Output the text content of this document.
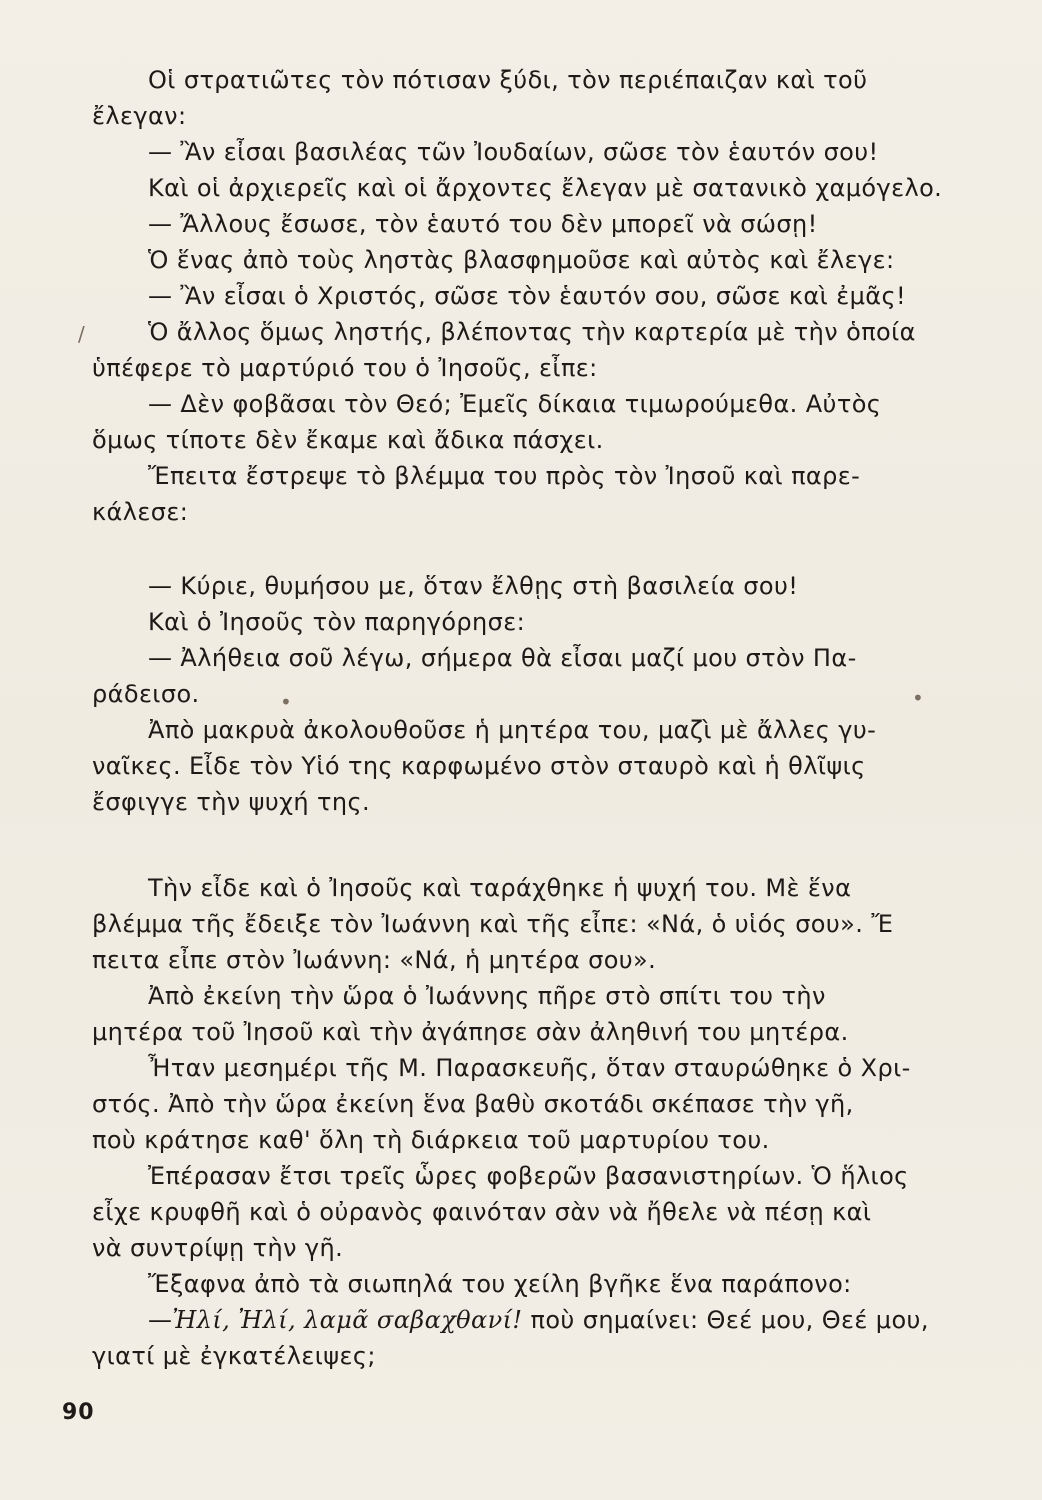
Οἱ στρατιῶτες τὸν πότισαν ξύδι, τὸν περιέπαιζαν καὶ τοῦ

ἔλεγαν:

— Ἂν εἶσαι βασιλέας τῶν Ἰουδαίων, σῶσε τὸν ἑαυτόν σου!

Καὶ οἱ ἀρχιερεῖς καὶ οἱ ἄρχοντες ἔλεγαν μὲ σατανικὸ χαμόγελο.

— Ἄλλους ἔσωσε, τὸν ἑαυτό του δὲν μπορεῖ νὰ σώσῃ!

Ὁ ἕνας ἀπὸ τοὺς ληστὰς βλασφημοῦσε καὶ αὐτὸς καὶ ἔλεγε:

— Ἂν εἶσαι ὁ Χριστός, σῶσε τὸν ἑαυτόν σου, σῶσε καὶ ἐμᾶς!

Ὁ ἄλλος ὅμως ληστής, βλέποντας τὴν καρτερία μὲ τὴν ὁποία

ὑπέφερε τὸ μαρτύριό του ὁ Ἰησοῦς, εἶπε:

— Δὲν φοβᾶσαι τὸν Θεό; Ἐμεῖς δίκαια τιμωρούμεθα. Αὐτὸς

ὅμως τίποτε δὲν ἔκαμε καὶ ἄδικα πάσχει.

Ἔπειτα ἔστρεψε τὸ βλέμμα του πρὸς τὸν Ἰησοῦ καὶ παρε-

κάλεσε:

— Κύριε, θυμήσου με, ὅταν ἔλθῃς στὴ βασιλεία σου!

Καὶ ὁ Ἰησοῦς τὸν παρηγόρησε:

— Ἀλήθεια σοῦ λέγω, σήμερα θὰ εἶσαι μαζί μου στὸν Πα-

ράδεισο.

Ἀπὸ μακρυὰ ἀκολουθοῦσε ἡ μητέρα του, μαζὶ μὲ ἄλλες γυ-

ναῖκες. Εἶδε τὸν Υἱό της καρφωμένο στὸν σταυρὸ καὶ ἡ θλῖψις

ἔσφιγγε τὴν ψυχή της.

Τὴν εἶδε καὶ ὁ Ἰησοῦς καὶ ταράχθηκε ἡ ψυχή του. Μὲ ἕνα

βλέμμα τῆς ἔδειξε τὸν Ἰωάννη καὶ τῆς εἶπε: «Νά, ὁ υἱός σου». Ἔ

πειτα εἶπε στὸν Ἰωάννη: «Νά, ἡ μητέρα σου».

Ἀπὸ ἐκείνη τὴν ὥρα ὁ Ἰωάννης πῆρε στὸ σπίτι του τὴν

μητέρα τοῦ Ἰησοῦ καὶ τὴν ἀγάπησε σὰν ἀληθινή του μητέρα.

Ἦταν μεσημέρι τῆς Μ. Παρασκευῆς, ὅταν σταυρώθηκε ὁ Χρι-

στός. Ἀπὸ τὴν ὥρα ἐκείνη ἕνα βαθὺ σκοτάδι σκέπασε τὴν γῆ,

ποὺ κράτησε καθ' ὅλη τὴ διάρκεια τοῦ μαρτυρίου του.

Ἐπέρασαν ἔτσι τρεῖς ὧρες φοβερῶν βασανιστηρίων. Ὁ ἥλιος

εἶχε κρυφθῆ καὶ ὁ οὐρανὸς φαινόταν σὰν νὰ ἤθελε νὰ πέσῃ καὶ

νὰ συντρίψῃ τὴν γῆ.

Ἔξαφνα ἀπὸ τὰ σιωπηλά του χείλη βγῆκε ἕνα παράπονο:

—Ἠλί, Ἠλί, λαμᾶ σαβαχθανί! ποὺ σημαίνει: Θεέ μου, Θεέ μου,

γιατί μὲ ἐγκατέλειψες;

90
/
•
•
